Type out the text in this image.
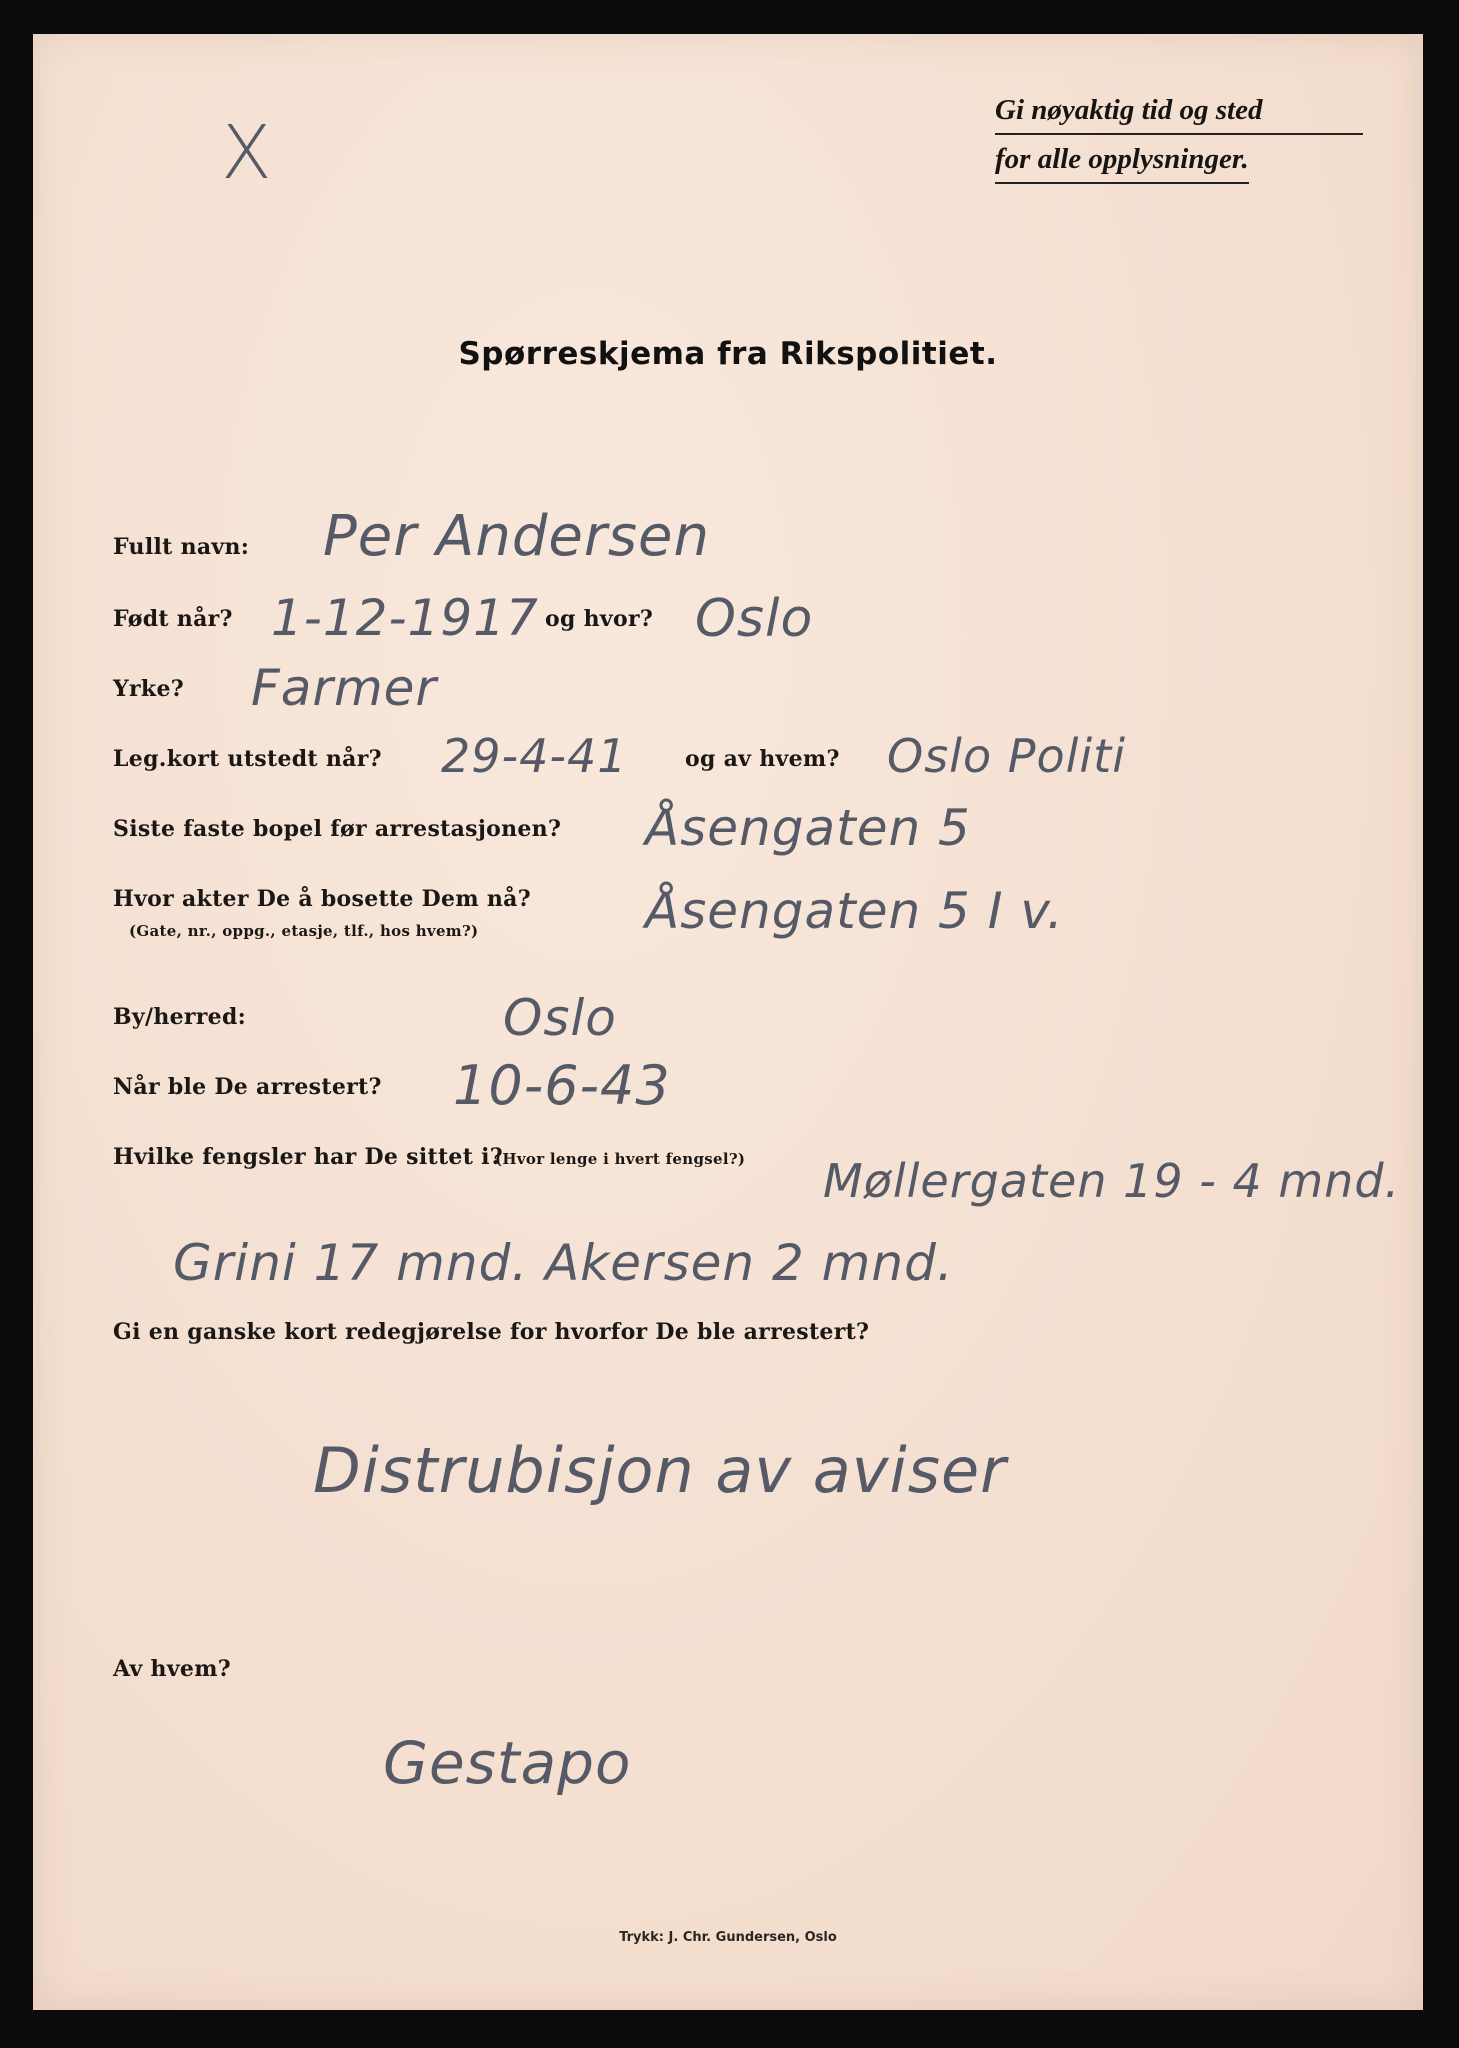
X	Gi nøyaktig tid og sted
for alle opplysninger.
Spørreskjema fra Rikspolitiet.
Fullt navn: Per Andersen
Født når? 1-12-1917 og hvor? Oslo
Yrke? Farmer
Leg.kort utstedt når? 29-4-41	og av hvem? Oslo Politi
Siste faste bopel før arrestasjonen? Åsengaten 5
Hvor akter De å bosette Dem nå?
(Gate, nr., oppg., etasje, tlf., hos hvem?)	Åsengaten 5 I v.
By/herred:	Oslo
Når ble De arrestert? 10-6-43
Hvilke fengsler har De sittet i?
(Hvor lenge i hvert fengsel?) Møllergaten 19 - 4 mnd.
Grini 17 mnd. Akersen 2 mnd.
Gi en ganske kort redegjørelse for hvorfor De ble arrestert?
Distrubisjon av aviser
Av hvem?
Gestapo
Trykk: J. Chr. Gundersen, Oslo
